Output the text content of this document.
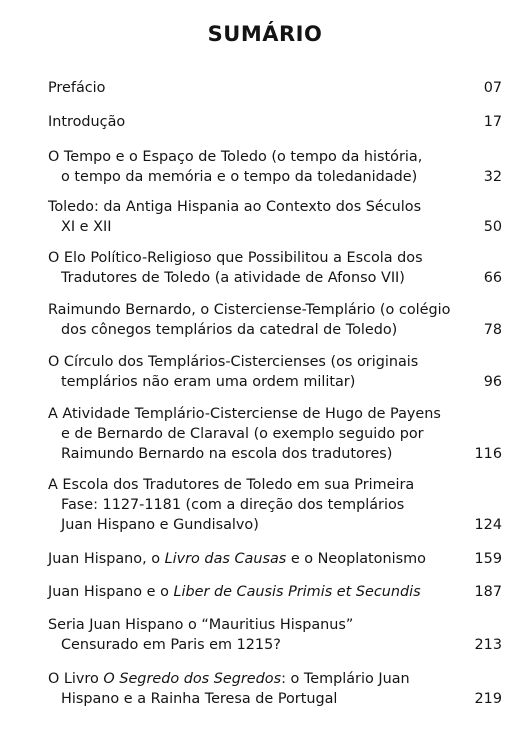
SUMÁRIO
Prefácio	07
Introdução	17
O Tempo e o Espaço de Toledo (o tempo da história,
o tempo da memória e o tempo da toledanidade)	32
Toledo: da Antiga Hispania ao Contexto dos Séculos
XI e XII	50
O Elo Político-Religioso que Possibilitou a Escola dos
Tradutores de Toledo (a atividade de Afonso VII)	66
Raimundo Bernardo, o Cisterciense-Templário (o colégio
dos cônegos templários da catedral de Toledo)	78
O Círculo dos Templários-Cistercienses (os originais
templários não eram uma ordem militar)	96
A Atividade Templário-Cisterciense de Hugo de Payens
e de Bernardo de Claraval (o exemplo seguido por
Raimundo Bernardo na escola dos tradutores)	116
A Escola dos Tradutores de Toledo em sua Primeira
Fase: 1127-1181 (com a direção dos templários
Juan Hispano e Gundisalvo)	124
Juan Hispano, o Livro das Causas e o Neoplatonismo	159
Juan Hispano e o Liber de Causis Primis et Secundis	187
Seria Juan Hispano o “Mauritius Hispanus”
Censurado em Paris em 1215?	213
O Livro O Segredo dos Segredos: o Templário Juan
Hispano e a Rainha Teresa de Portugal	219
